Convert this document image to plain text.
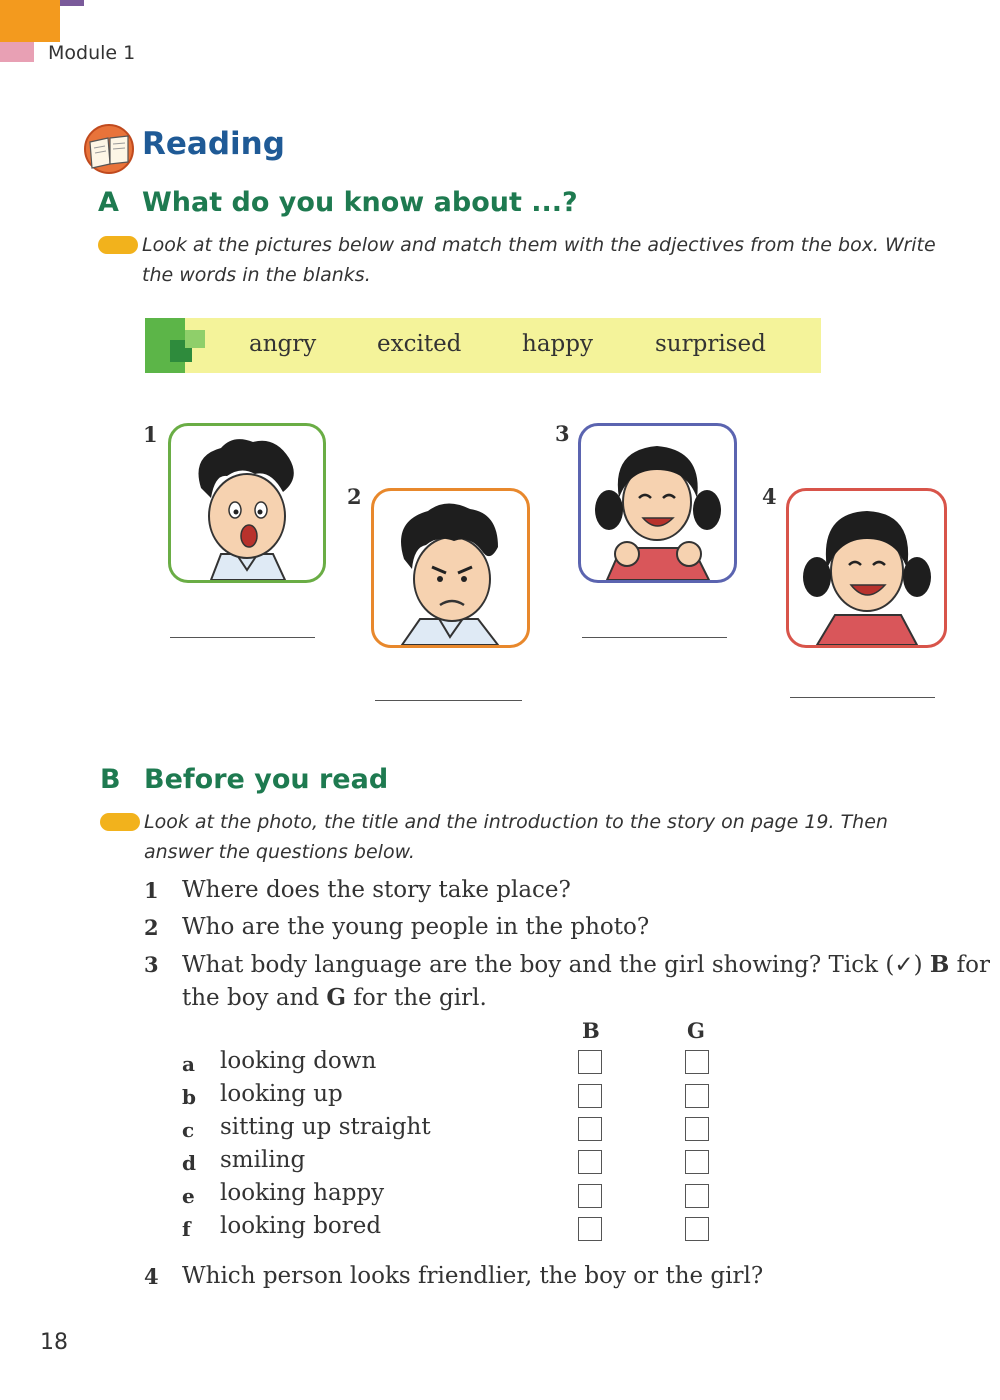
Module 1
Reading
A What do you know about ...?
Look at the pictures below and match them with the adjectives from the box. Write
the words in the blanks.
angry	excited	happy	surprised
1
2
3
4
B Before you read
Look at the photo, the title and the introduction to the story on page 19. Then
answer the questions below.
1 Where does the story take place?
2 Who are the young people in the photo?
3 What body language are the boy and the girl showing? Tick (✓) B for
the boy and G for the girl.
B	G
a looking down
b looking up
c sitting up straight
d smiling
e looking happy
f looking bored
4 Which person looks friendlier, the boy or the girl?
18
